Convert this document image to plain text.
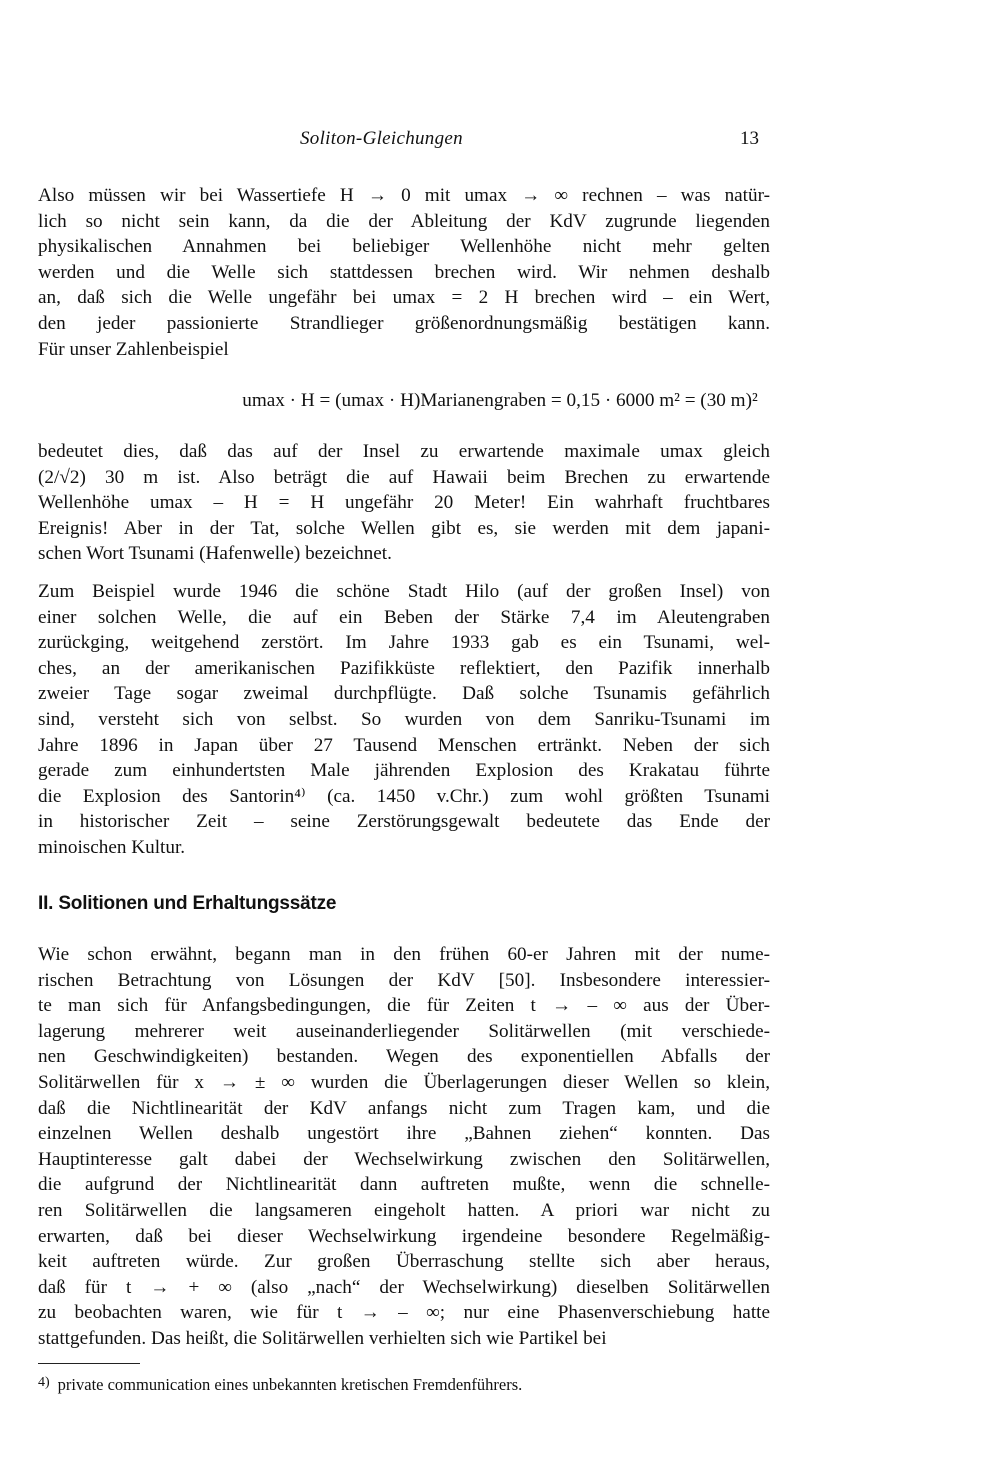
Soliton-Gleichungen	13
Also müssen wir bei Wassertiefe H → 0 mit umax → ∞ rechnen – was natür-
lich so nicht sein kann, da die der Ableitung der KdV zugrunde liegenden
physikalischen Annahmen bei beliebiger Wellenhöhe nicht mehr gelten
werden und die Welle sich stattdessen brechen wird. Wir nehmen deshalb
an, daß sich die Welle ungefähr bei umax = 2 H brechen wird – ein Wert,
den jeder passionierte Strandlieger größenordnungsmäßig bestätigen kann.
Für unser Zahlenbeispiel
umax · H = (umax · H)Marianengraben = 0,15 · 6000 m² = (30 m)²
bedeutet dies, daß das auf der Insel zu erwartende maximale umax gleich
(2/√2) 30 m ist. Also beträgt die auf Hawaii beim Brechen zu erwartende
Wellenhöhe umax – H = H ungefähr 20 Meter! Ein wahrhaft fruchtbares
Ereignis! Aber in der Tat, solche Wellen gibt es, sie werden mit dem japani-
schen Wort Tsunami (Hafenwelle) bezeichnet.
Zum Beispiel wurde 1946 die schöne Stadt Hilo (auf der großen Insel) von
einer solchen Welle, die auf ein Beben der Stärke 7,4 im Aleutengraben
zurückging, weitgehend zerstört. Im Jahre 1933 gab es ein Tsunami, wel-
ches, an der amerikanischen Pazifikküste reflektiert, den Pazifik innerhalb
zweier Tage sogar zweimal durchpflügte. Daß solche Tsunamis gefährlich
sind, versteht sich von selbst. So wurden von dem Sanriku-Tsunami im
Jahre 1896 in Japan über 27 Tausend Menschen ertränkt. Neben der sich
gerade zum einhundertsten Male jährenden Explosion des Krakatau führte
die Explosion des Santorin⁴⁾ (ca. 1450 v.Chr.) zum wohl größten Tsunami
in historischer Zeit – seine Zerstörungsgewalt bedeutete das Ende der
minoischen Kultur.
II. Solitionen und Erhaltungssätze
Wie schon erwähnt, begann man in den frühen 60-er Jahren mit der nume-
rischen Betrachtung von Lösungen der KdV [50]. Insbesondere interessier-
te man sich für Anfangsbedingungen, die für Zeiten t → – ∞ aus der Über-
lagerung mehrerer weit auseinanderliegender Solitärwellen (mit verschiede-
nen Geschwindigkeiten) bestanden. Wegen des exponentiellen Abfalls der
Solitärwellen für x → ± ∞ wurden die Überlagerungen dieser Wellen so klein,
daß die Nichtlinearität der KdV anfangs nicht zum Tragen kam, und die
einzelnen Wellen deshalb ungestört ihre „Bahnen ziehen“ konnten. Das
Hauptinteresse galt dabei der Wechselwirkung zwischen den Solitärwellen,
die aufgrund der Nichtlinearität dann auftreten mußte, wenn die schnelle-
ren Solitärwellen die langsameren eingeholt hatten. A priori war nicht zu
erwarten, daß bei dieser Wechselwirkung irgendeine besondere Regelmäßig-
keit auftreten würde. Zur großen Überraschung stellte sich aber heraus,
daß für t → + ∞ (also „nach“ der Wechselwirkung) dieselben Solitärwellen
zu beobachten waren, wie für t → – ∞; nur eine Phasenverschiebung hatte
stattgefunden. Das heißt, die Solitärwellen verhielten sich wie Partikel bei
$^{4)}$ private communication eines unbekannten kretischen Fremdenführers.
